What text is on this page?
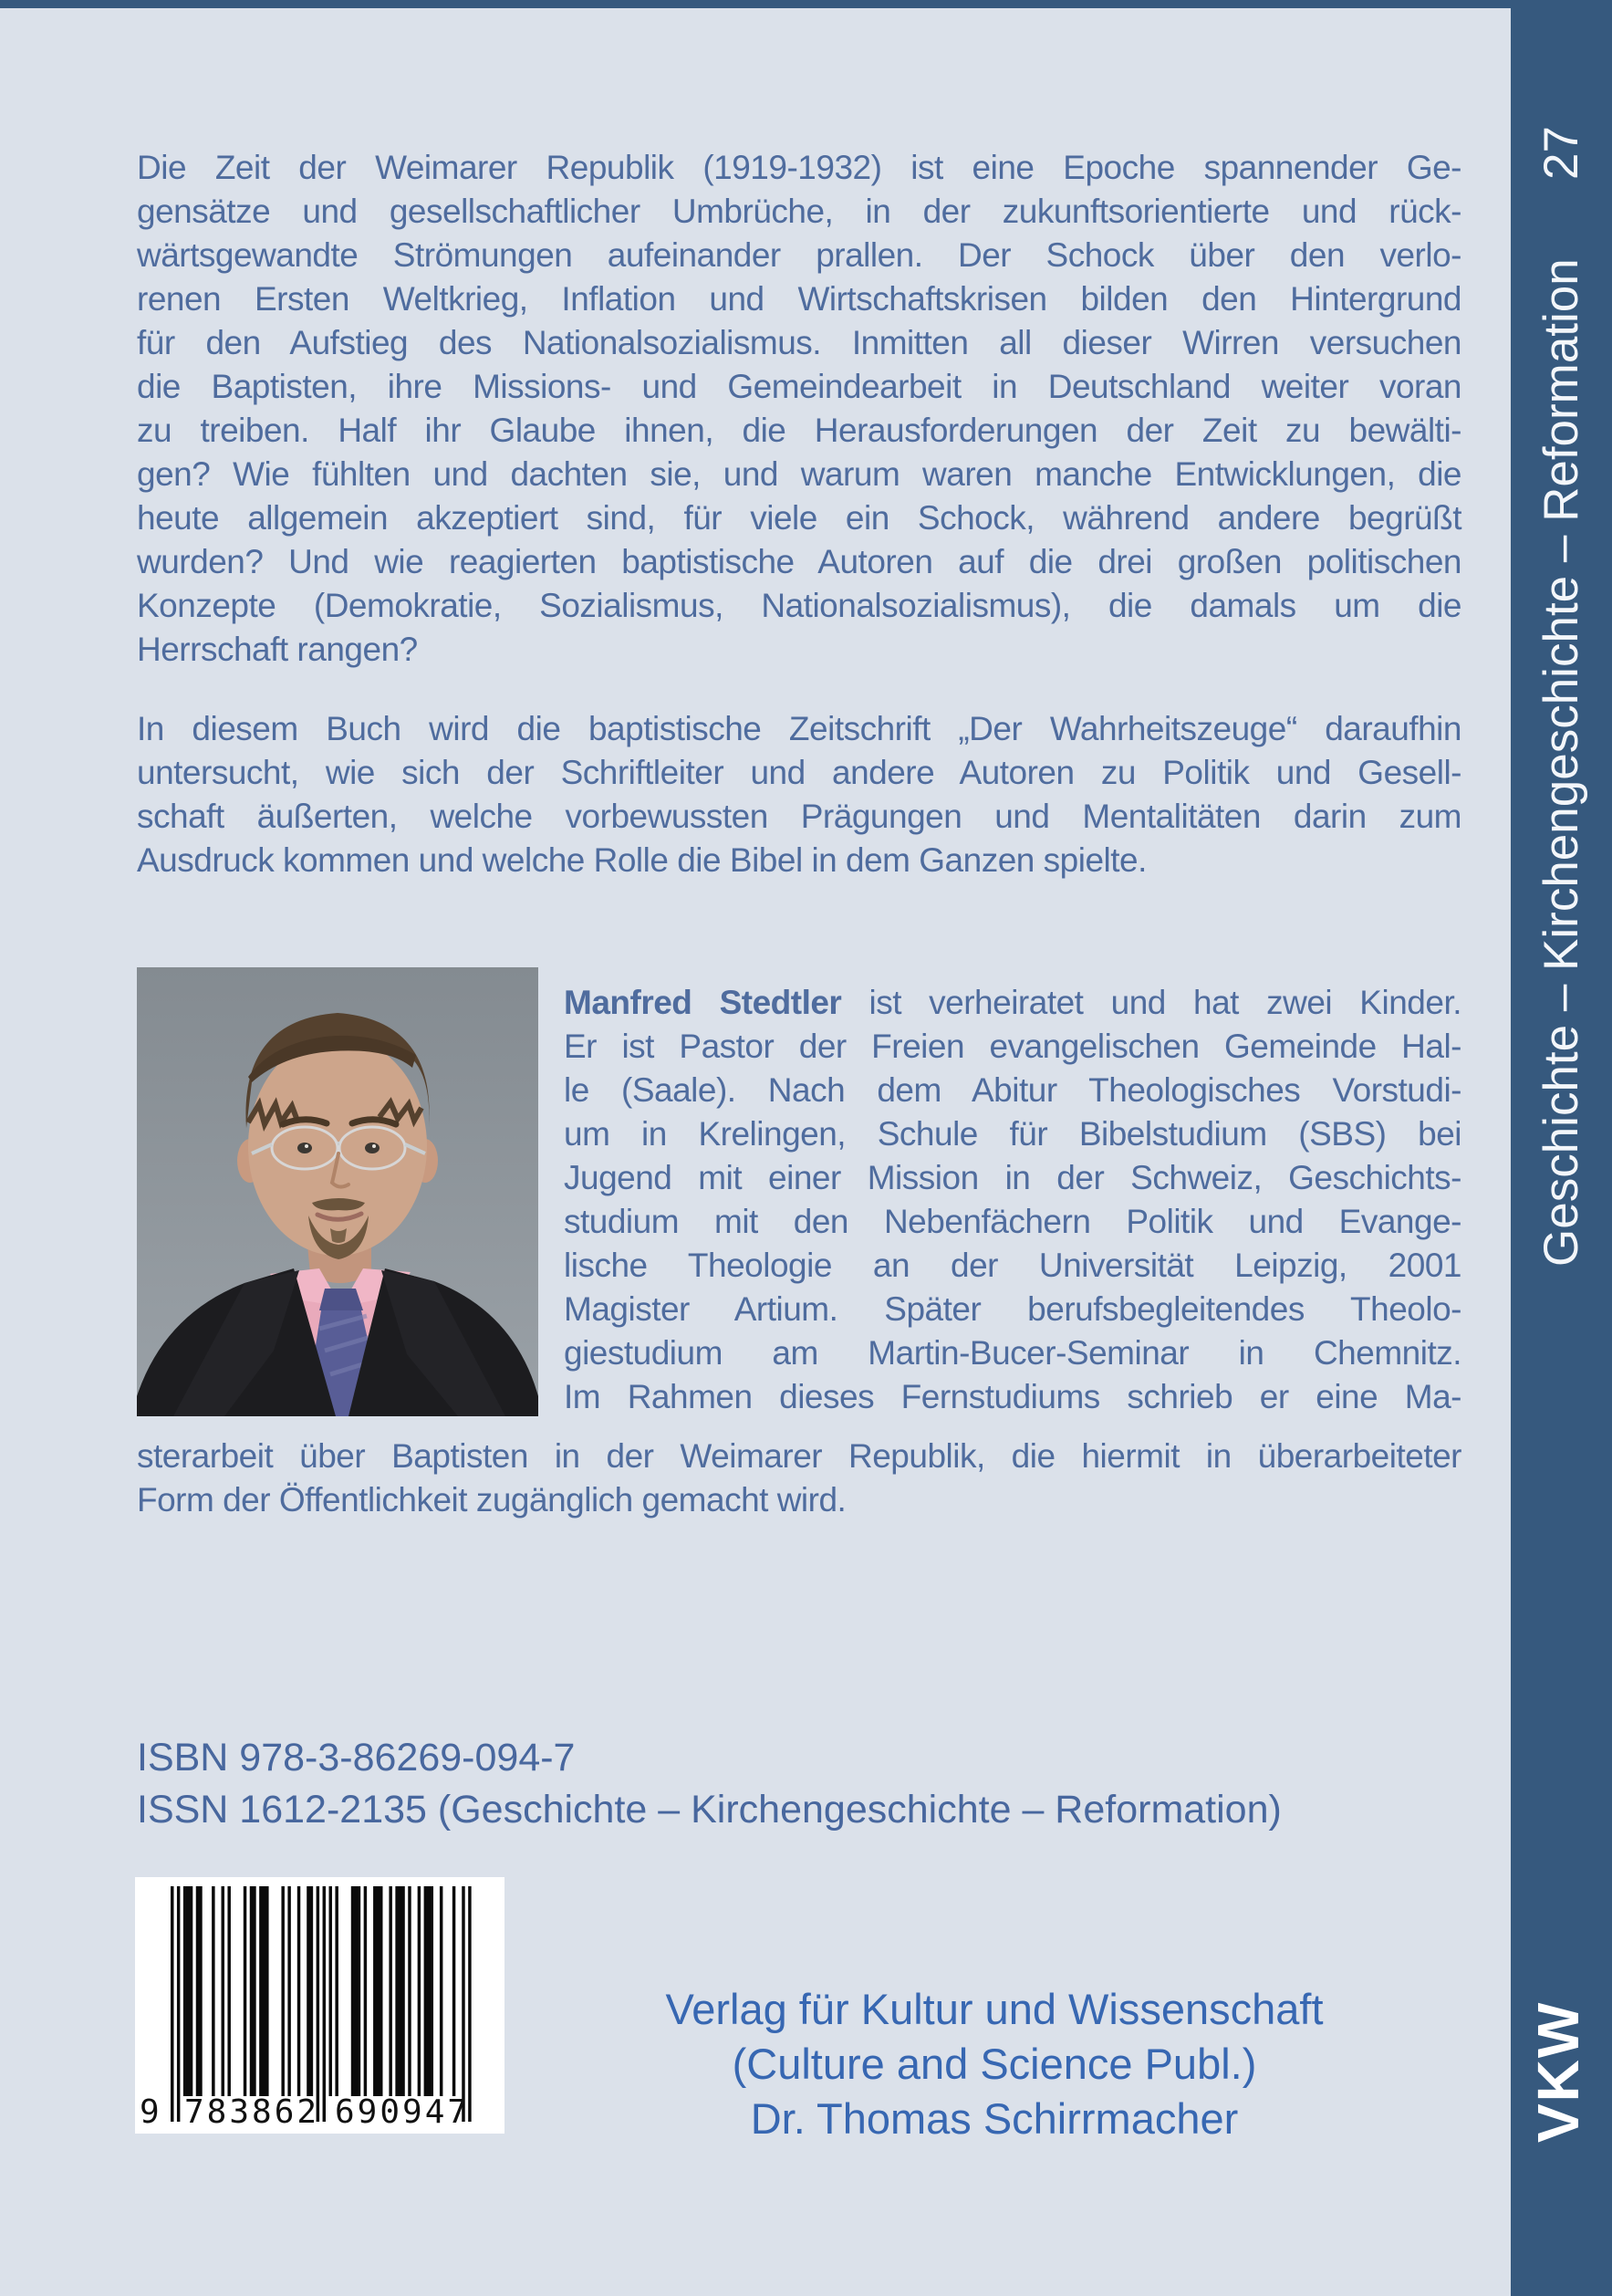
Die Zeit der Weimarer Republik (1919-1932) ist eine Epoche spannender Ge-
gensätze und gesellschaftlicher Umbrüche, in der zukunftsorientierte und rück-
wärtsgewandte Strömungen aufeinander prallen. Der Schock über den verlo-
renen Ersten Weltkrieg, Inflation und Wirtschaftskrisen bilden den Hintergrund
für den Aufstieg des Nationalsozialismus. Inmitten all dieser Wirren versuchen
die Baptisten, ihre Missions- und Gemeindearbeit in Deutschland weiter voran
zu treiben. Half ihr Glaube ihnen, die Herausforderungen der Zeit zu bewälti-
gen? Wie fühlten und dachten sie, und warum waren manche Entwicklungen, die
heute allgemein akzeptiert sind, für viele ein Schock, während andere begrüßt
wurden? Und wie reagierten baptistische Autoren auf die drei großen politischen
Konzepte (Demokratie, Sozialismus, Nationalsozialismus), die damals um die
Herrschaft rangen?
In diesem Buch wird die baptistische Zeitschrift „Der Wahrheitszeuge“ daraufhin
untersucht, wie sich der Schriftleiter und andere Autoren zu Politik und Gesell-
schaft äußerten, welche vorbewussten Prägungen und Mentalitäten darin zum
Ausdruck kommen und welche Rolle die Bibel in dem Ganzen spielte.
Manfred Stedtler ist verheiratet und hat zwei Kinder.
Er ist Pastor der Freien evangelischen Gemeinde Hal-
le (Saale). Nach dem Abitur Theologisches Vorstudi-
um in Krelingen, Schule für Bibelstudium (SBS) bei
Jugend mit einer Mission in der Schweiz, Geschichts-
studium mit den Nebenfächern Politik und Evange-
lische Theologie an der Universität Leipzig, 2001
Magister Artium. Später berufsbegleitendes Theolo-
giestudium am Martin-Bucer-Seminar in Chemnitz.
Im Rahmen dieses Fernstudiums schrieb er eine Ma-
sterarbeit über Baptisten in der Weimarer Republik, die hiermit in überarbeiteter
Form der Öffentlichkeit zugänglich gemacht wird.
ISBN 978-3-86269-094-7
ISSN 1612-2135 (Geschichte – Kirchengeschichte – Reformation)
9 783862 690947
Verlag für Kultur und Wissenschaft
(Culture and Science Publ.)
Dr. Thomas Schirrmacher
Geschichte – Kirchengeschichte – Reformation
27
VKW
